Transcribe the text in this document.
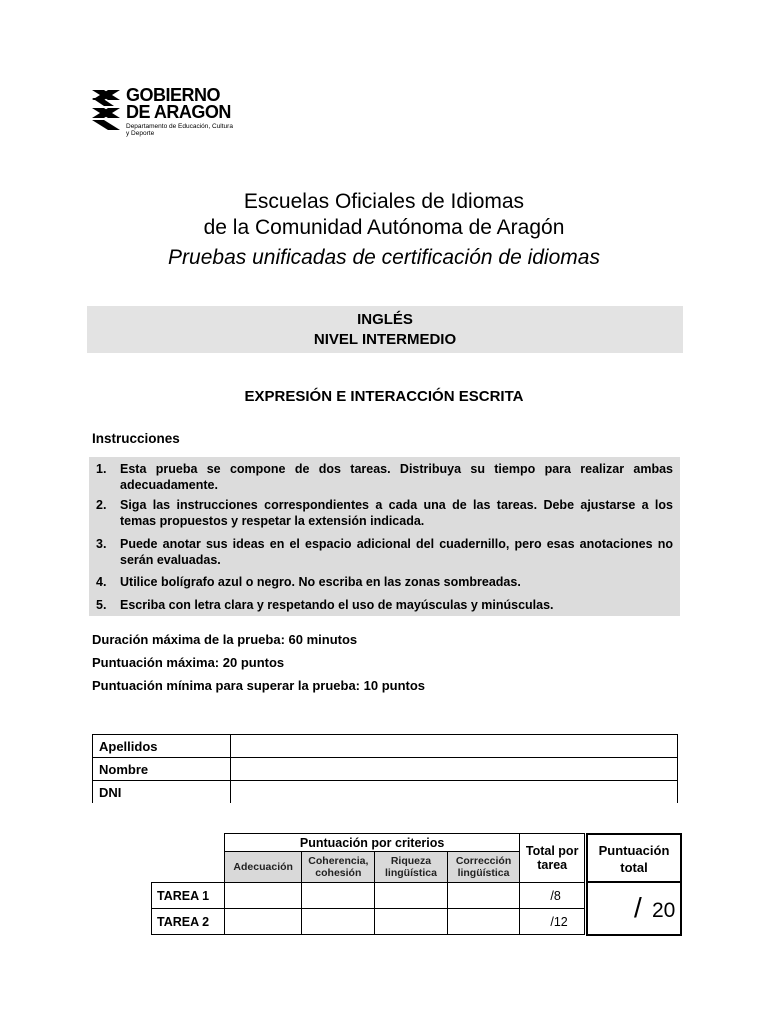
GOBIERNO
DE ARAGON
Departamento de Educación, Cultura y Deporte
Escuelas Oficiales de Idiomas
de la Comunidad Autónoma de Aragón
Pruebas unificadas de certificación de idiomas
INGLÉS
NIVEL INTERMEDIO
EXPRESIÓN E INTERACCIÓN ESCRITA
Instrucciones
1. Esta prueba se compone de dos tareas. Distribuya su tiempo para realizar ambas adecuadamente.
2. Siga las instrucciones correspondientes a cada una de las tareas. Debe ajustarse a los temas propuestos y respetar la extensión indicada.
3. Puede anotar sus ideas en el espacio adicional del cuadernillo, pero esas anotaciones no serán evaluadas.
4. Utilice bolígrafo azul o negro. No escriba en las zonas sombreadas.
5. Escriba con letra clara y respetando el uso de mayúsculas y minúsculas.
Duración máxima de la prueba: 60 minutos
Puntuación máxima: 20 puntos
Puntuación mínima para superar la prueba: 10 puntos
Apellidos	
Nombre	
DNI	
	Puntuación por criterios				Total por tarea
	Adecuación	Coherencia, cohesión	Riqueza lingüística	Corrección lingüística	
TAREA 1					/8
TAREA 2					/12
Puntuación total
/ 20
